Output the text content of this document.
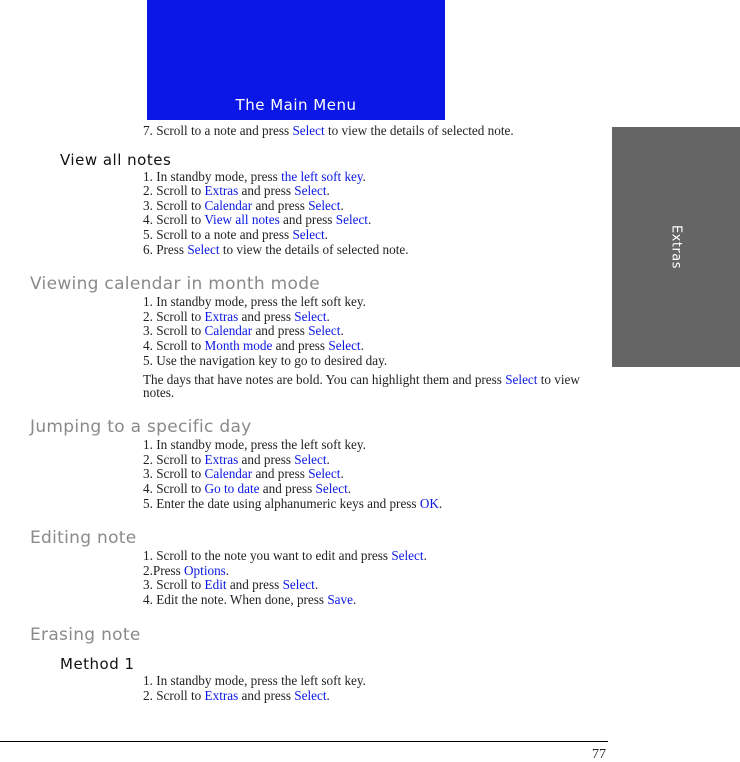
The Main Menu
Extras
7. Scroll to a note and press Select to view the details of selected note.
View all notes
1. In standby mode, press the left soft key.
2. Scroll to Extras and press Select.
3. Scroll to Calendar and press Select.
4. Scroll to View all notes and press Select.
5. Scroll to a note and press Select.
6. Press Select to view the details of selected note.
Viewing calendar in month mode
1. In standby mode, press the left soft key.
2. Scroll to Extras and press Select.
3. Scroll to Calendar and press Select.
4. Scroll to Month mode and press Select.
5. Use the navigation key to go to desired day.
The days that have notes are bold. You can highlight them and press Select to view notes.
Jumping to a specific day
1. In standby mode, press the left soft key.
2. Scroll to Extras and press Select.
3. Scroll to Calendar and press Select.
4. Scroll to Go to date and press Select.
5. Enter the date using alphanumeric keys and press OK.
Editing note
1. Scroll to the note you want to edit and press Select.
2.Press Options.
3. Scroll to Edit and press Select.
4. Edit the note. When done, press Save.
Erasing note
Method 1
1. In standby mode, press the left soft key.
2. Scroll to Extras and press Select.
77
